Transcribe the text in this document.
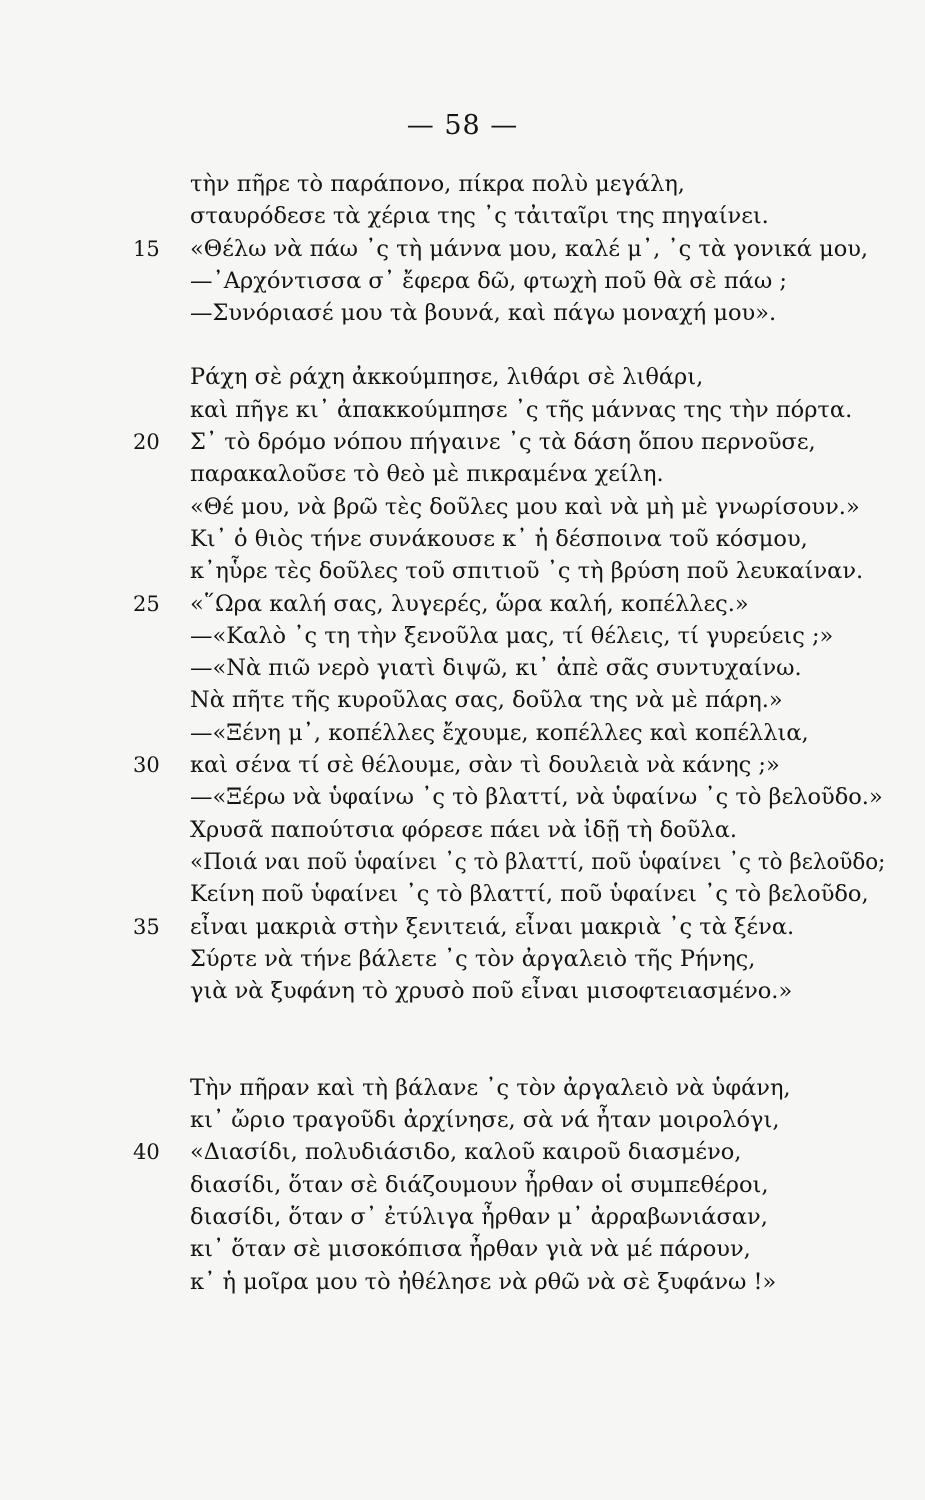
— 58 —
τὴν πῆρε τὸ παράπονο, πίκρα πολὺ μεγάλη,
σταυρόδεσε τὰ χέρια της ᾽ς τἀιταῖρι της πηγαίνει.
15	«Θέλω νὰ πάω ᾽ς τὴ μάννα μου, καλέ μ᾽, ᾽ς τὰ γονικά μου,
—᾽Αρχόντισσα σ᾽ ἔφερα δῶ, φτωχὴ ποῦ θὰ σὲ πάω ;
—Συνόριασέ μου τὰ βουνά, καὶ πάγω μοναχή μου».
Ράχη σὲ ράχη ἀκκούμπησε, λιθάρι σὲ λιθάρι,
καὶ πῆγε κι᾽ ἀπακκούμπησε ᾽ς τῆς μάννας της τὴν πόρτα.
20	Σ᾽ τὸ δρόμο νόπου πήγαινε ᾽ς τὰ δάση ὅπου περνοῦσε,
παρακαλοῦσε τὸ θεὸ μὲ πικραμένα χείλη.
«Θέ μου, νὰ βρῶ τὲς δοῦλες μου καὶ νὰ μὴ μὲ γνωρίσουν.»
Κι᾽ ὁ θιὸς τήνε συνάκουσε κ᾽ ἡ δέσποινα τοῦ κόσμου,
κ᾽ηὗρε τὲς δοῦλες τοῦ σπιτιοῦ ᾽ς τὴ βρύση ποῦ λευκαίναν.
25	«῞Ωρα καλή σας, λυγερές, ὥρα καλή, κοπέλλες.»
—«Καλὸ ᾽ς τη τὴν ξενοῦλα μας, τί θέλεις, τί γυρεύεις ;»
—«Νὰ πιῶ νερὸ γιατὶ διψῶ, κι᾽ ἀπὲ σᾶς συντυχαίνω.
Νὰ πῆτε τῆς κυροῦλας σας, δοῦλα της νὰ μὲ πάρη.»
—«Ξένη μ᾽, κοπέλλες ἔχουμε, κοπέλλες καὶ κοπέλλια,
30	καὶ σένα τί σὲ θέλουμε, σὰν τὶ δουλειὰ νὰ κάνης ;»
—«Ξέρω νὰ ὑφαίνω ᾽ς τὸ βλαττί, νὰ ὑφαίνω ᾽ς τὸ βελοῦδο.»
Χρυσᾶ παπούτσια φόρεσε πάει νὰ ἰδῇ τὴ δοῦλα.
«Ποιά ναι ποῦ ὑφαίνει ᾽ς τὸ βλαττί, ποῦ ὑφαίνει ᾽ς τὸ βελοῦδο;
Κείνη ποῦ ὑφαίνει ᾽ς τὸ βλαττί, ποῦ ὑφαίνει ᾽ς τὸ βελοῦδο,
35	εἶναι μακριὰ στὴν ξενιτειά, εἶναι μακριὰ ᾽ς τὰ ξένα.
Σύρτε νὰ τήνε βάλετε ᾽ς τὸν ἀργαλειὸ τῆς Ρήνης,
γιὰ νὰ ξυφάνη τὸ χρυσὸ ποῦ εἶναι μισοφτειασμένο.»
Τὴν πῆραν καὶ τὴ βάλανε ᾽ς τὸν ἀργαλειὸ νὰ ὑφάνη,
κι᾽ ὤριο τραγοῦδι ἀρχίνησε, σὰ νά ἦταν μοιρολόγι,
40	«Διασίδι, πολυδιάσιδο, καλοῦ καιροῦ διασμένο,
διασίδι, ὅταν σὲ διάζουμουν ἦρθαν οἱ συμπεθέροι,
διασίδι, ὅταν σ᾽ ἐτύλιγα ἦρθαν μ᾽ ἀρραβωνιάσαν,
κι᾽ ὅταν σὲ μισοκόπισα ἦρθαν γιὰ νὰ μέ πάρουν,
κ᾽ ἡ μοῖρα μου τὸ ἠθέλησε νὰ ρθῶ νὰ σὲ ξυφάνω !»
